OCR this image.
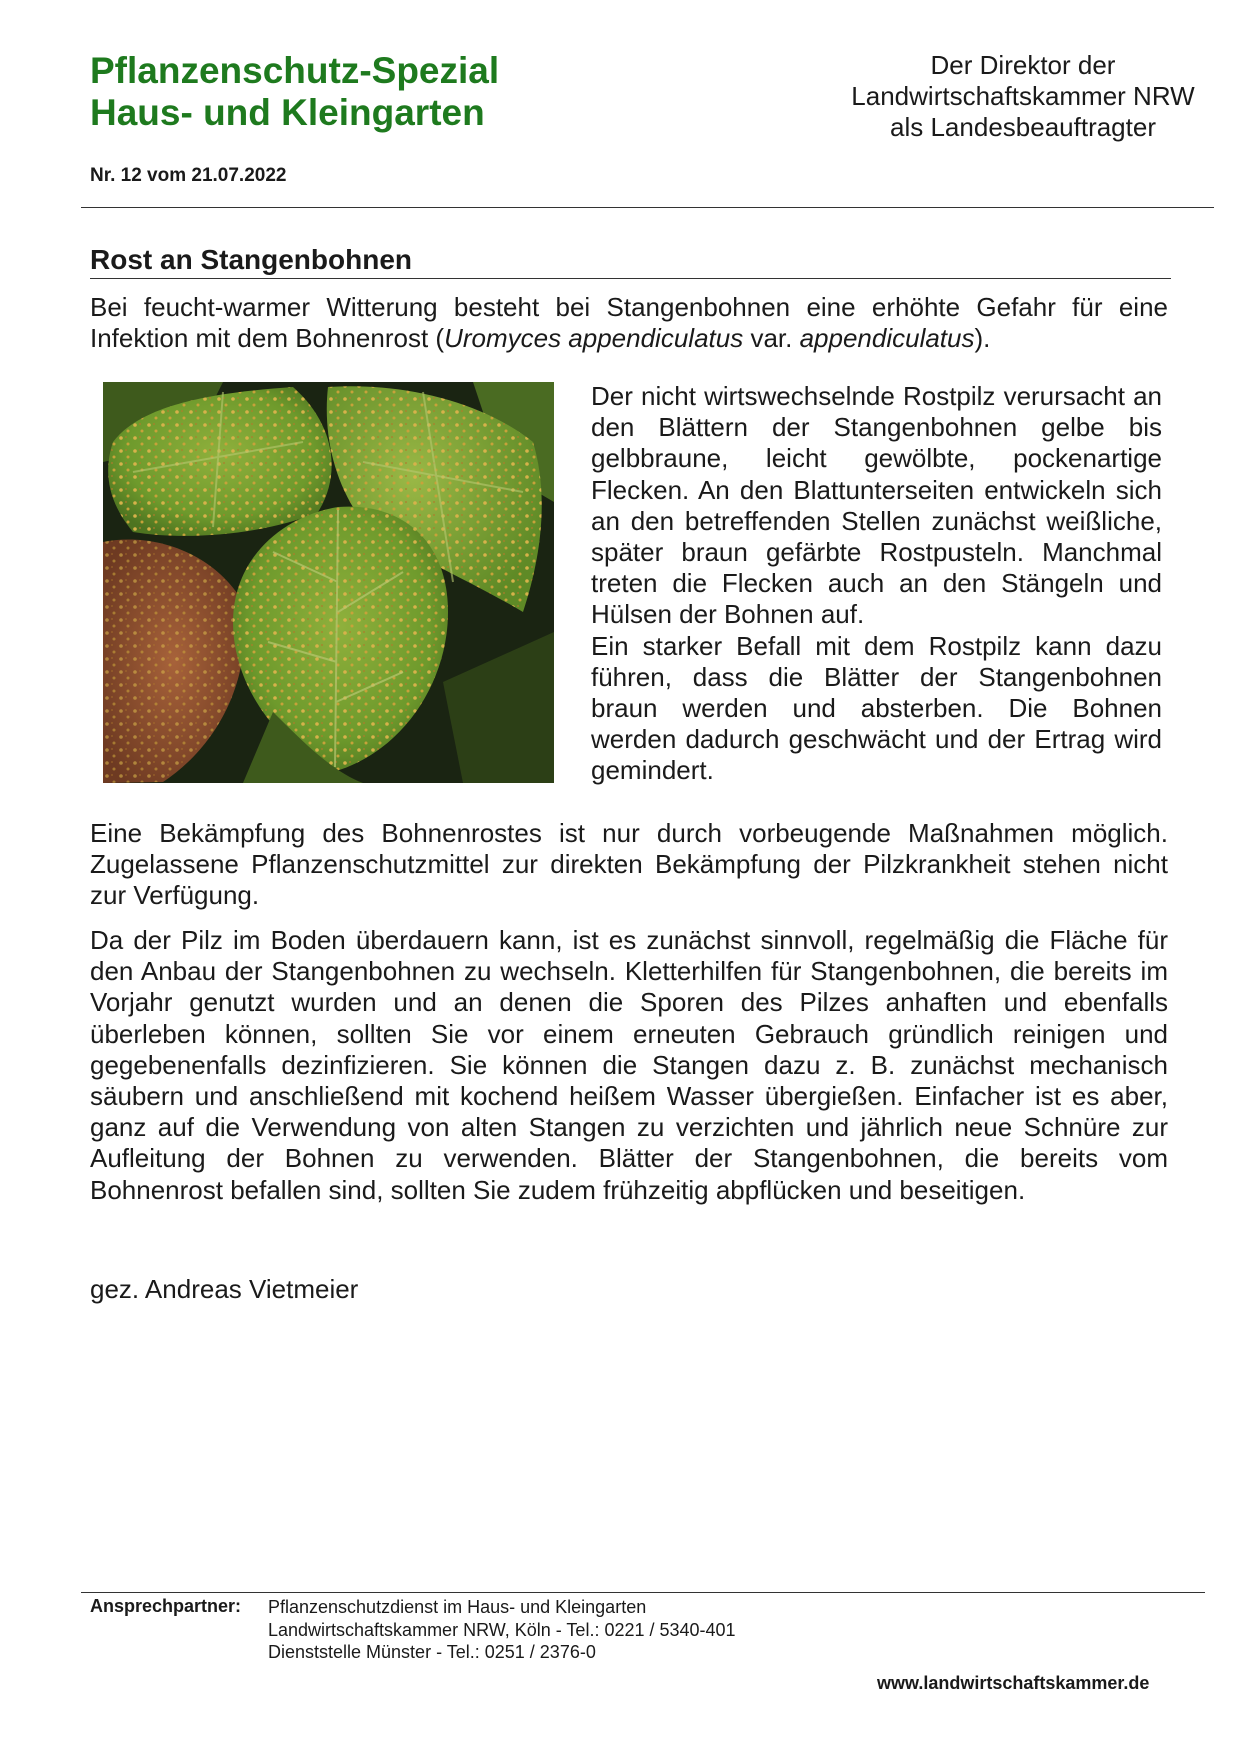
Pflanzenschutz-Spezial
Haus- und Kleingarten
Der Direktor der
Landwirtschaftskammer NRW
als Landesbeauftragter
Nr. 12 vom 21.07.2022
Rost an Stangenbohnen

Bei feucht-warmer Witterung besteht bei Stangenbohnen eine erhöhte Gefahr für eine Infektion mit dem Bohnenrost (Uromyces appendiculatus var. appendiculatus).

Der nicht wirtswechselnde Rostpilz verursacht an den Blättern der Stangenbohnen gelbe bis gelbbraune, leicht gewölbte, pockenartige Flecken. An den Blattunterseiten entwickeln sich an den betreffenden Stellen zunächst weißliche, später braun gefärbte Rostpusteln. Manchmal treten die Flecken auch an den Stängeln und Hülsen der Bohnen auf.

Ein starker Befall mit dem Rostpilz kann dazu führen, dass die Blätter der Stangenbohnen braun werden und absterben. Die Bohnen werden dadurch geschwächt und der Ertrag wird gemindert.

Eine Bekämpfung des Bohnenrostes ist nur durch vorbeugende Maßnahmen möglich. Zugelassene Pflanzenschutzmittel zur direkten Bekämpfung der Pilzkrankheit stehen nicht zur Verfügung.

Da der Pilz im Boden überdauern kann, ist es zunächst sinnvoll, regelmäßig die Fläche für den Anbau der Stangenbohnen zu wechseln. Kletterhilfen für Stangenbohnen, die bereits im Vorjahr genutzt wurden und an denen die Sporen des Pilzes anhaften und ebenfalls überleben können, sollten Sie vor einem erneuten Gebrauch gründlich reinigen und gegebenenfalls dezinfizieren. Sie können die Stangen dazu z. B. zunächst mechanisch säubern und anschließend mit kochend heißem Wasser übergießen. Einfacher ist es aber, ganz auf die Verwendung von alten Stangen zu verzichten und jährlich neue Schnüre zur Aufleitung der Bohnen zu verwenden. Blätter der Stangenbohnen, die bereits vom Bohnenrost befallen sind, sollten Sie zudem frühzeitig abpflücken und beseitigen.

gez. Andreas Vietmeier

Ansprechpartner: Pflanzenschutzdienst im Haus- und Kleingarten
Landwirtschaftskammer NRW, Köln - Tel.: 0221 / 5340-401
Dienststelle Münster - Tel.: 0251 / 2376-0
www.landwirtschaftskammer.de
